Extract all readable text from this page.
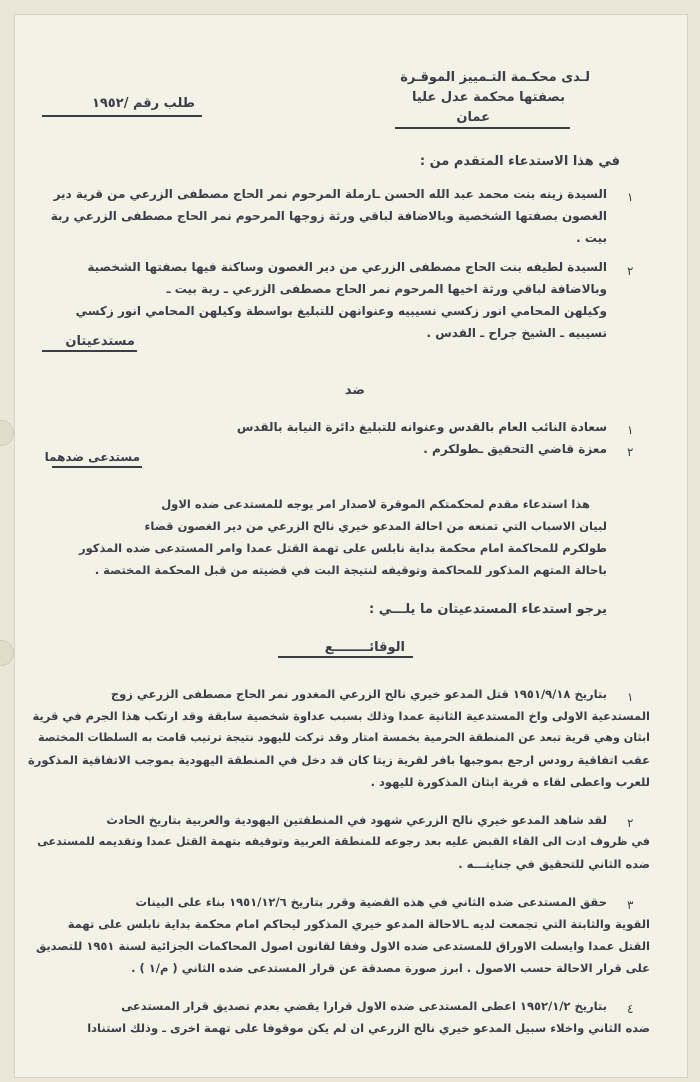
لـدى محكـمة التـمييز الموقـرة
بصفتها محكمة عدل عليا
عمان
طلب رقم /١٩٥٢
في هذا الاستدعاء المتقدم من :
١
السيدة زينه بنت محمد عبد الله الحسن ـارملة المرحوم نمر الحاج مصطفى الزرعي من قرية دير
الغصون بصفتها الشخصية وبالاضافة لباقي ورثة زوجها المرحوم نمر الحاج مصطفى الزرعي ربة
بيت .
٢
السيدة لطيفه بنت الحاج مصطفى الزرعي من دير الغصون وساكنة فيها بصفتها الشخصية
وبالاضافة لباقي ورثة اخيها المرحوم نمر الحاج مصطفى الزرعي ـ ربة بيت ـ
وكيلهن المحامي انور زكسي نسيبيه وعنوانهن للتبليغ بواسطة وكيلهن المحامي انور زكسي
نسيبيه ـ الشيخ جراح ـ القدس .
مستدعيتان
ضد
١
سعادة النائب العام بالقدس وعنوانه للتبليغ دائرة النيابة بالقدس
٢
معزة قاضي التحقيق ـطولكرم .
مستدعى ضدهما
هذا استدعاء مقدم لمحكمتكم الموقرة لاصدار امر يوجه للمستدعى ضده الاول
لبيان الاسباب التي تمنعه من احالة المدعو خيري نالح الزرعي من دير الغصون قضاء
طولكرم للمحاكمة امام محكمة بداية نابلس على تهمة القتل عمدا وامر المستدعى ضده المذكور
باحالة المتهم المذكور للمحاكمة وتوقيفه لنتيجة البت في قضيته من قبل المحكمة المختصة .
يرجو استدعاء المستدعيتان ما يلـــي :
الوقائــــــــع
١
بتاريخ ١٩٥١/٩/١٨ قتل المدعو خيري نالح الزرعي المغدور نمر الحاج مصطفى الزرعي زوج
المستدعية الاولى واخ المستدعية الثانية عمدا وذلك بسبب عداوة شخصية سابقة وقد ارتكب هذا الجرم في قرية
ابثان وهي قرية تبعد عن المنطقة الحرمية بخمسة امتار وقد تركت لليهود نتيجة ترتيب قامت به السلطات المختصة
عقب اتفاقية رودس ارجع بموجبها بافر لقرية زيتا كان قد دخل في المنطقة اليهودية بموجب الاتفاقية المذكورة
للعرب واعطى لقاء ه قرية ابثان المذكورة لليهود .
٢
لقد شاهد المدعو خيري نالح الزرعي شهود في المنطقتين اليهودية والعربية بتاريخ الحادث
في ظروف ادت الى القاء القبض عليه بعد رجوعه للمنطقة العربية وتوقيفه بتهمة القتل عمدا وتقديمه للمستدعى
ضده الثاني للتحقيق في جنايتـــه .
٣
حقق المستدعى ضده الثاني في هذه القضية وقرر بتاريخ ١٩٥١/١٢/٦ بناء على البينات
القوية والثابتة التي تجمعت لديه ـالاحالة المدعو خيري المذكور ليحاكم امام محكمة بداية نابلس على تهمة
القتل عمدا وايسلت الاوراق للمستدعى ضده الاول وفقا لقانون اصول المحاكمات الجزائية لسنة ١٩٥١ للتصديق
على قرار الاحالة حسب الاصول . ابرز صورة مصدقة عن قرار المستدعى ضده الثاني ( م/١ ) .
٤
بتاريخ ١٩٥٢/١/٢ اعطى المستدعى ضده الاول قرارا يقضي بعدم تصديق قرار المستدعى
ضده الثاني واخلاء سبيل المدعو خيري نالح الزرعي ان لم يكن موقوفا على تهمة اخرى ـ وذلك استنادا
